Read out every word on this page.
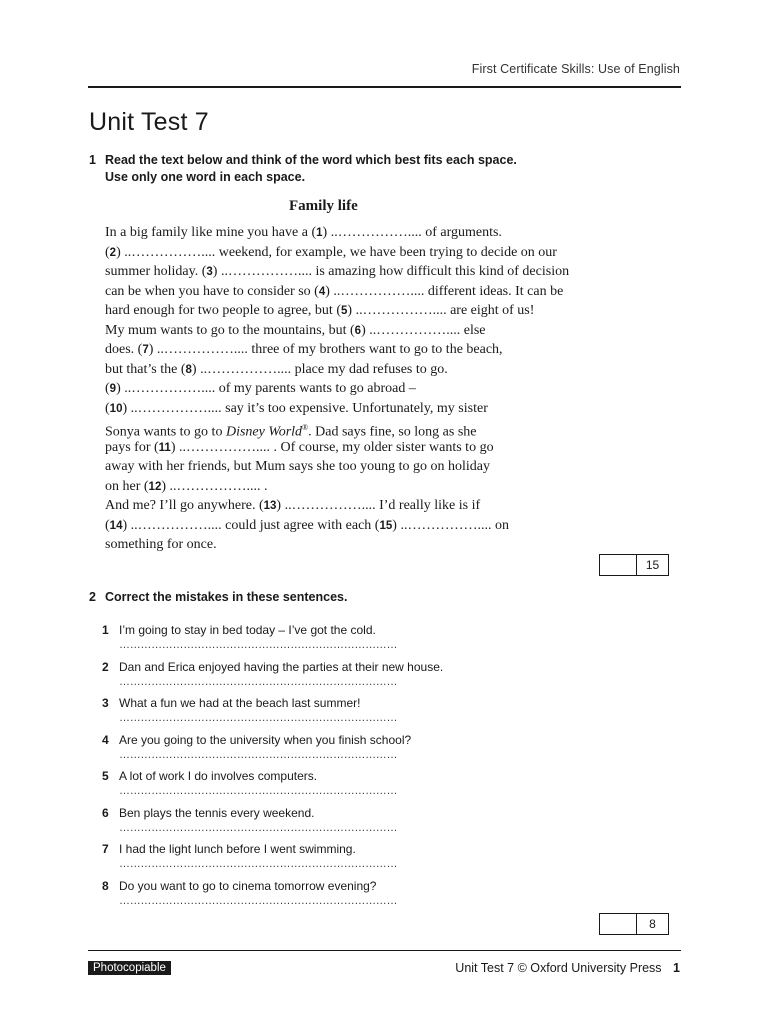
First Certificate Skills: Use of English
Unit Test 7
1 Read the text below and think of the word which best fits each space.
Use only one word in each space.
Family life
In a big family like mine you have a (1) ..…………….... of arguments.
(2) ..…………….... weekend, for example, we have been trying to decide on our
summer holiday. (3) ..…………….... is amazing how difficult this kind of decision
can be when you have to consider so (4) ..…………….... different ideas. It can be
hard enough for two people to agree, but (5) ..…………….... are eight of us!
My mum wants to go to the mountains, but (6) ..…………….... else
does. (7) ..…………….... three of my brothers want to go to the beach,
but that’s the (8) ..…………….... place my dad refuses to go.
(9) ..…………….... of my parents wants to go abroad –
(10) ..…………….... say it’s too expensive. Unfortunately, my sister
Sonya wants to go to Disney World®. Dad says fine, so long as she
pays for (11) ..…………….... . Of course, my older sister wants to go
away with her friends, but Mum says she too young to go on holiday
on her (12) ..…………….... .
And me? I’ll go anywhere. (13) ..…………….... I’d really like is if
(14) ..…………….... could just agree with each (15) ..…………….... on
something for once.
15
2 Correct the mistakes in these sentences.
1 I’m going to stay in bed today – I’ve got the cold.
……………………………………………………………………
2 Dan and Erica enjoyed having the parties at their new house.
……………………………………………………………………
3 What a fun we had at the beach last summer!
……………………………………………………………………
4 Are you going to the university when you finish school?
……………………………………………………………………
5 A lot of work I do involves computers.
……………………………………………………………………
6 Ben plays the tennis every weekend.
……………………………………………………………………
7 I had the light lunch before I went swimming.
……………………………………………………………………
8 Do you want to go to cinema tomorrow evening?
……………………………………………………………………
8
Photocopiable	Unit Test 7 © Oxford University Press 1
